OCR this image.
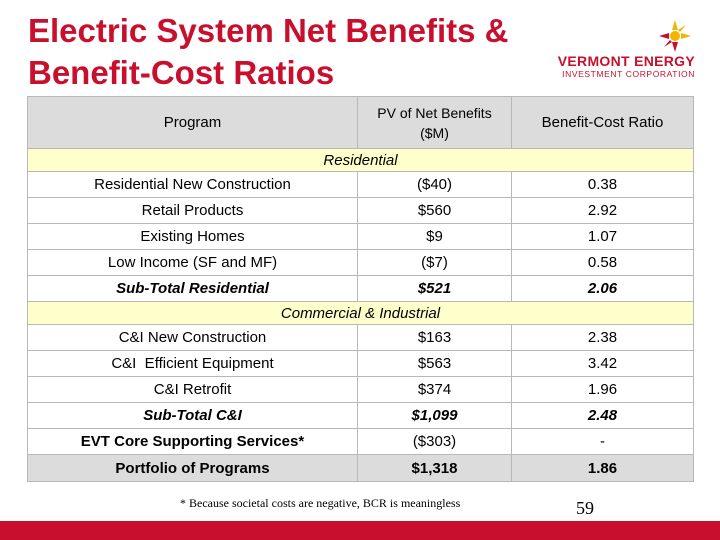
Electric System Net Benefits & Benefit-Cost Ratios	VERMONT ENERGY
INVESTMENT CORPORATION
Program	PV of Net Benefits ($M)	Benefit-Cost Ratio
Residential		
Residential New Construction	($40)	0.38
Retail Products	$560	2.92
Existing Homes	$9	1.07
Low Income (SF and MF)	($7)	0.58
Sub-Total Residential	$521	2.06
Commercial & Industrial		
C&I New Construction	$163	2.38
C&I  Efficient Equipment	$563	3.42
C&I Retrofit	$374	1.96
Sub-Total C&I	$1,099	2.48
EVT Core Supporting Services*	($303)	-
Portfolio of Programs	$1,318	1.86
* Because societal costs are negative, BCR is meaningless	59
